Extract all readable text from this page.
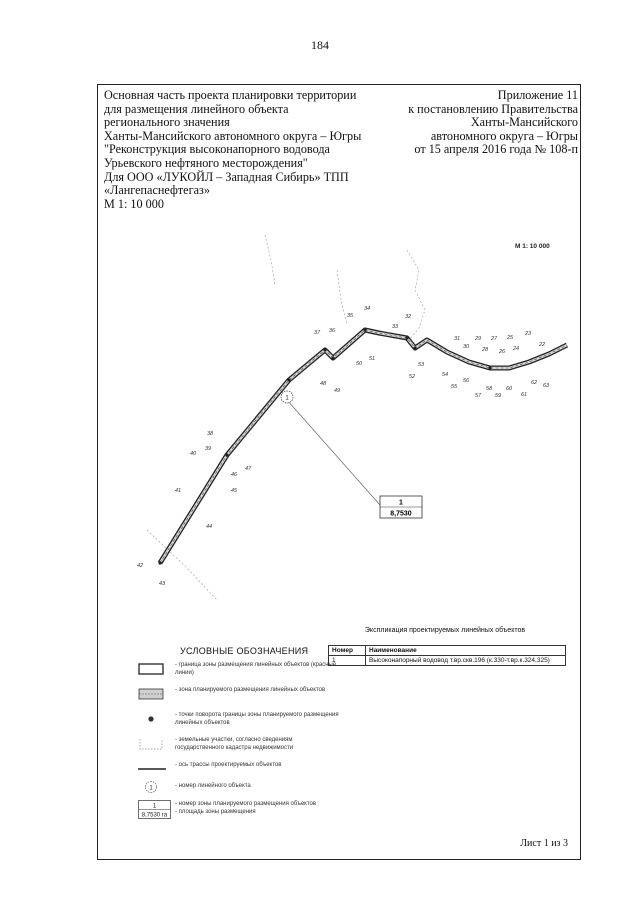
184
Основная часть проекта планировки территории
для размещения линейного объекта
регионального значения
Ханты-Мансийского автономного округа – Югры
"Реконструкция высоконапорного водовода
Урьевского нефтяного месторождения"
Для ООО «ЛУКОЙЛ – Западная Сибирь» ТПП
«Лангепаснефтегаз»
М 1: 10 000
Приложение 11
к постановлению Правительства
Ханты-Мансийского
автономного округа – Югры
от 15 апреля 2016 года № 108-п
42
43
44
41	45
46
47
40
39
38
48
49
37 36
35
34
50
51
33
32
52
53
54
31
30
29
28
27
26
25
24
23
22
55
56
57
58
59
60
61
62 63
1
1
8,7530
М 1: 10 000
Экспликация проектируемых линейных объектов
Номер	Наименование
1	Высоконапорный водовод т.вр.скв.196 (к.330-т.вр.к.324,325)
УСЛОВНЫЕ ОБОЗНАЧЕНИЯ
- граница зоны размещения линейных объектов (красные линии)
- зона планируемого размещения линейных объектов
- точки поворота границы зоны планируемого размещения линейных объектов
- земельные участки, согласно сведениям государственного кадастра недвижимости
- ось трассы проектируемых объектов
1	- номер линейного объекта
1
8,7530 га
- номер зоны планируемого размещения объектов
- площадь зоны размещения
Лист 1 из 3
